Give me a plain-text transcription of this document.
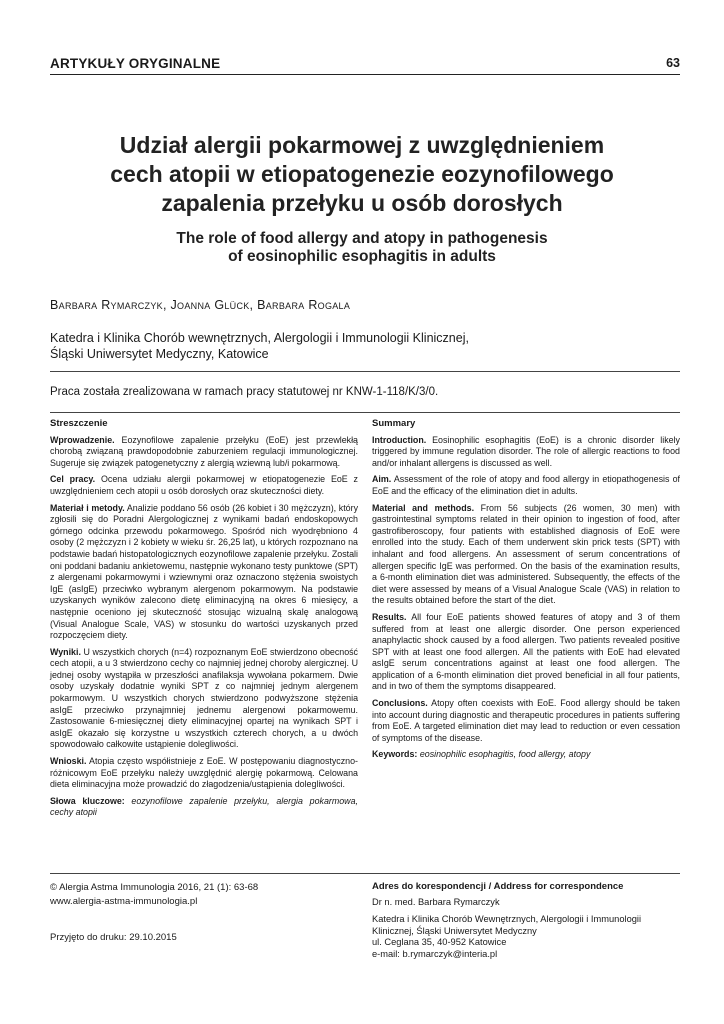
ARTYKUŁY ORYGINALNE	63
Udział alergii pokarmowej z uwzględnieniem
cech atopii w etiopatogenezie eozynofilowego
zapalenia przełyku u osób dorosłych
The role of food allergy and atopy in pathogenesis
of eosinophilic esophagitis in adults
Barbara Rymarczyk, Joanna Glück, Barbara Rogala
Katedra i Klinika Chorób wewnętrznych, Alergologii i Immunologii Klinicznej,
Śląski Uniwersytet Medyczny, Katowice
Praca została zrealizowana w ramach pracy statutowej nr KNW-1-118/K/3/0.
Streszczenie

Wprowadzenie. Eozynofilowe zapalenie przełyku (EoE) jest przewlekłą chorobą związaną prawdopodobnie zaburzeniem regulacji immunologicznej. Sugeruje się związek patogenetyczny z alergią wziewną lub/i pokarmową.

Cel pracy. Ocena udziału alergii pokarmowej w etiopatogenezie EoE z uwzględnieniem cech atopii u osób dorosłych oraz skuteczności diety.

Materiał i metody. Analizie poddano 56 osób (26 kobiet i 30 mężczyzn), który zgłosili się do Poradni Alergologicznej z wynikami badań endoskopowych górnego odcinka przewodu pokarmowego. Spośród nich wyodrębniono 4 osoby (2 mężczyzn i 2 kobiety w wieku śr. 26,25 lat), u których rozpoznano na podstawie badań histopatologicznych eozynofilowe zapalenie przełyku. Zostali oni poddani badaniu ankietowemu, następnie wykonano testy punktowe (SPT) z alergenami pokarmowymi i wziewnymi oraz oznaczono stężenia swoistych IgE (asIgE) przeciwko wybranym alergenom pokarmowym. Na podstawie uzyskanych wyników zalecono dietę eliminacyjną na okres 6 miesięcy, a następnie oceniono jej skuteczność stosując wizualną skalę analogową (Visual Analogue Scale, VAS) w stosunku do wartości uzyskanych przed rozpoczęciem diety.

Wyniki. U wszystkich chorych (n=4) rozpoznanym EoE stwierdzono obecność cech atopii, a u 3 stwierdzono cechy co najmniej jednej choroby alergicznej. U jednej osoby wystąpiła w przeszłości anafilaksja wywołana pokarmem. Dwie osoby uzyskały dodatnie wyniki SPT z co najmniej jednym alergenem pokarmowym. U wszystkich chorych stwierdzono podwyższone stężenia asIgE przeciwko przynajmniej jednemu alergenowi pokarmowemu. Zastosowanie 6-miesięcznej diety eliminacyjnej opartej na wynikach SPT i asIgE okazało się korzystne u wszystkich czterech chorych, a u dwóch spowodowało całkowite ustąpienie dolegliwości.

Wnioski. Atopia często współistnieje z EoE. W postępowaniu diagnostyczno-różnicowym EoE przełyku należy uwzględnić alergię pokarmową. Celowana dieta eliminacyjna może prowadzić do złagodzenia/ustąpienia dolegliwości.

Słowa kluczowe: eozynofilowe zapalenie przełyku, alergia pokarmowa, cechy atopii

Summary

Introduction. Eosinophilic esophagitis (EoE) is a chronic disorder likely triggered by immune regulation disorder. The role of allergic reactions to food and/or inhalant allergens is discussed as well.

Aim. Assessment of the role of atopy and food allergy in etiopathogenesis of EoE and the efficacy of the elimination diet in adults.

Material and methods. From 56 subjects (26 women, 30 men) with gastrointestinal symptoms related in their opinion to ingestion of food, after gastrofiberoscopy, four patients with established diagnosis of EoE were enrolled into the study. Each of them underwent skin prick tests (SPT) with inhalant and food allergens. An assessment of serum concentrations of allergen specific IgE was performed. On the basis of the examination results, a 6-month elimination diet was administered. Subsequently, the effects of the diet were assessed by means of a Visual Analogue Scale (VAS) in relation to the results obtained before the start of the diet.

Results. All four EoE patients showed features of atopy and 3 of them suffered from at least one allergic disorder. One person experienced anaphylactic shock caused by a food allergen. Two patients revealed positive SPT with at least one food allergen. All the patients with EoE had elevated asIgE serum concentrations against at least one food allergen. The application of a 6-month elimination diet proved beneficial in all four patients, and in two of them the symptoms disappeared.

Conclusions. Atopy often coexists with EoE. Food allergy should be taken into account during diagnostic and therapeutic procedures in patients suffering from EoE. A targeted elimination diet may lead to reduction or even cessation of symptoms of the disease.

Keywords: eosinophilic esophagitis, food allergy, atopy

© Alergia Astma Immunologia 2016, 21 (1): 63-68
www.alergia-astma-immunologia.pl
Przyjęto do druku: 29.10.2015
Adres do korespondencji / Address for correspondence
Dr n. med. Barbara Rymarczyk
Katedra i Klinika Chorób Wewnętrznych, Alergologii i Immunologii
Klinicznej, Śląski Uniwersytet Medyczny
ul. Ceglana 35, 40-952 Katowice
e-mail: b.rymarczyk@interia.pl
